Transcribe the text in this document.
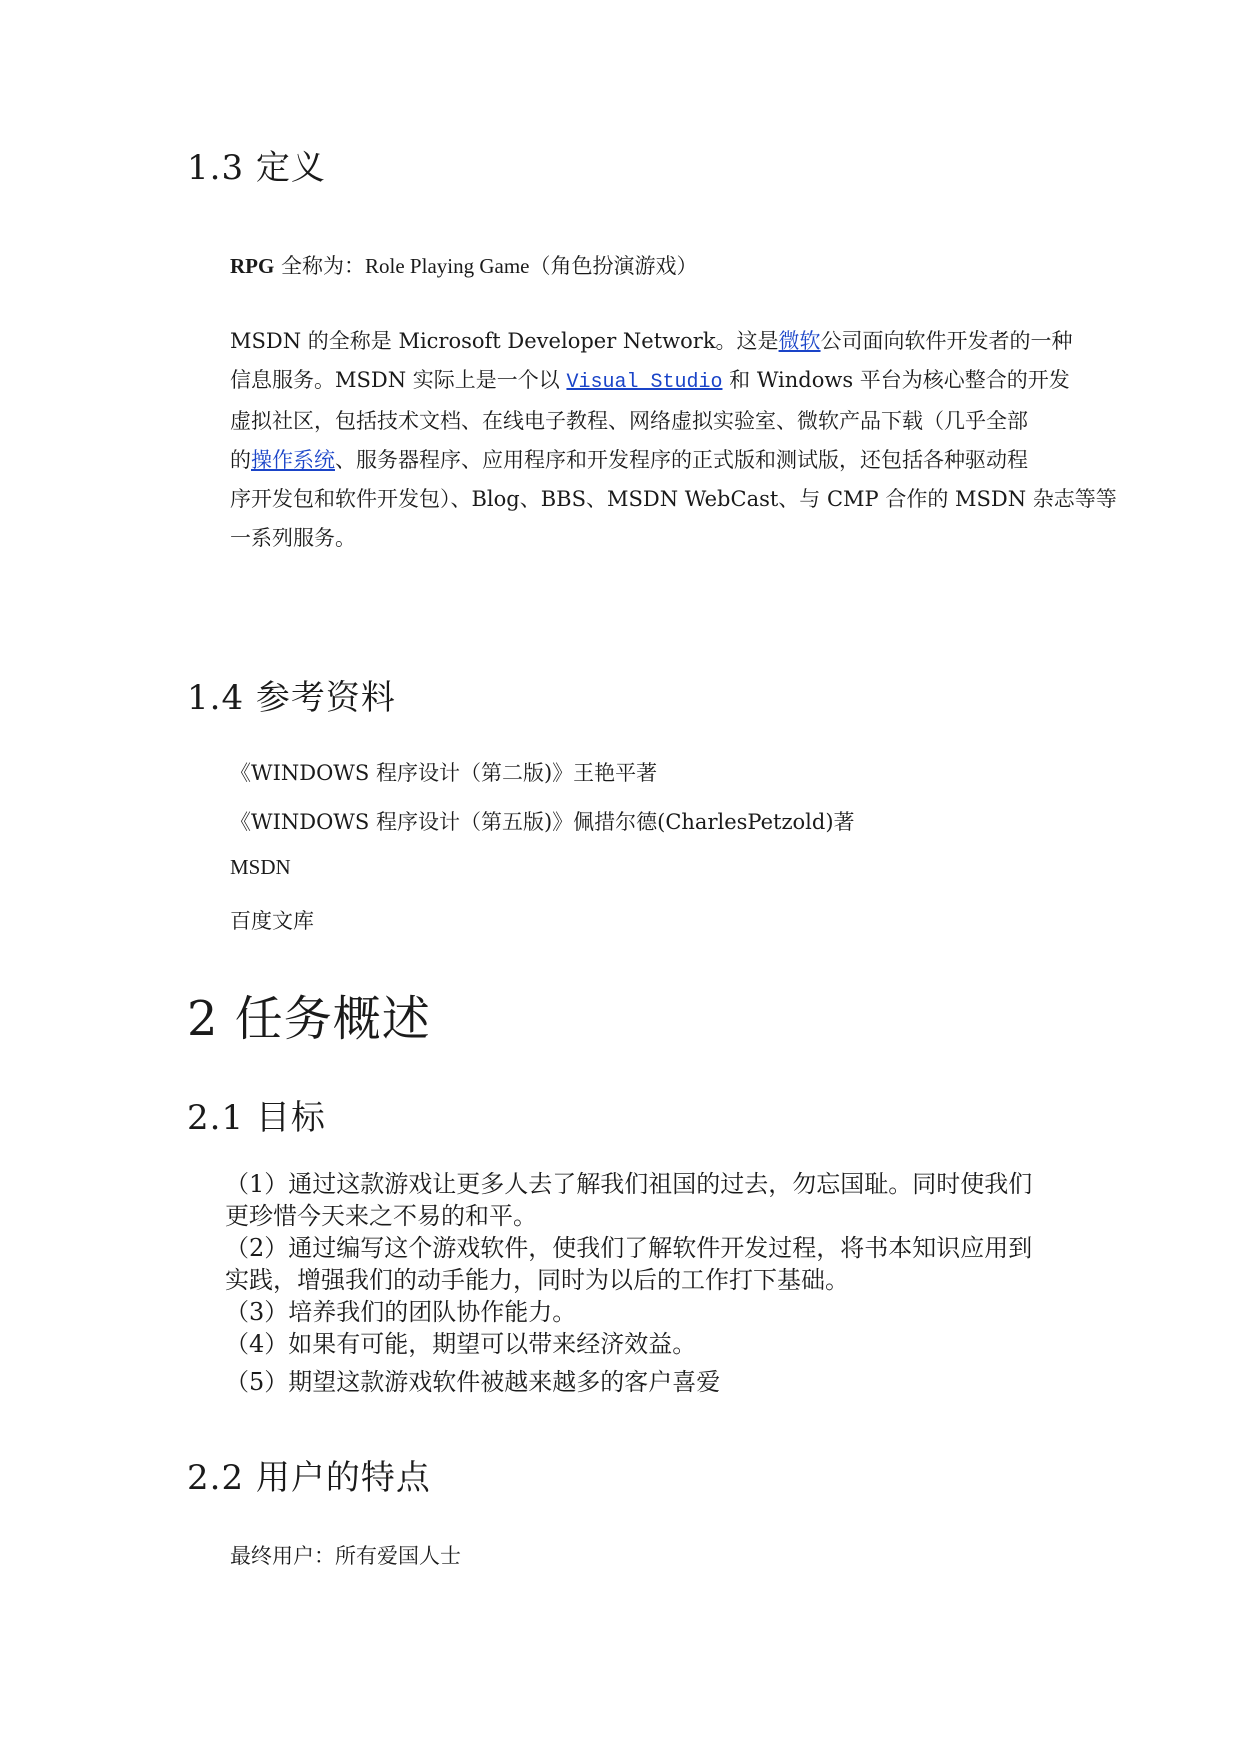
1.3 定义
RPG 全称为：Role Playing Game（角色扮演游戏）
MSDN 的全称是 Microsoft Developer Network。这是微软公司面向软件开发者的一种
信息服务。MSDN 实际上是一个以 Visual Studio 和 Windows 平台为核心整合的开发
虚拟社区，包括技术文档、在线电子教程、网络虚拟实验室、微软产品下载（几乎全部
的操作系统、服务器程序、应用程序和开发程序的正式版和测试版，还包括各种驱动程
序开发包和软件开发包）、Blog、BBS、MSDN WebCast、与 CMP 合作的 MSDN 杂志等等
一系列服务。
1.4 参考资料
《WINDOWS 程序设计（第二版)》王艳平著
《WINDOWS 程序设计（第五版)》佩措尔德(CharlesPetzold)著
MSDN
百度文库
2 任务概述
2.1 目标
（1）通过这款游戏让更多人去了解我们祖国的过去，勿忘国耻。同时使我们
更珍惜今天来之不易的和平。
（2）通过编写这个游戏软件，使我们了解软件开发过程，将书本知识应用到
实践，增强我们的动手能力，同时为以后的工作打下基础。
（3）培养我们的团队协作能力。
（4）如果有可能，期望可以带来经济效益。
（5）期望这款游戏软件被越来越多的客户喜爱
2.2 用户的特点
最终用户：所有爱国人士
